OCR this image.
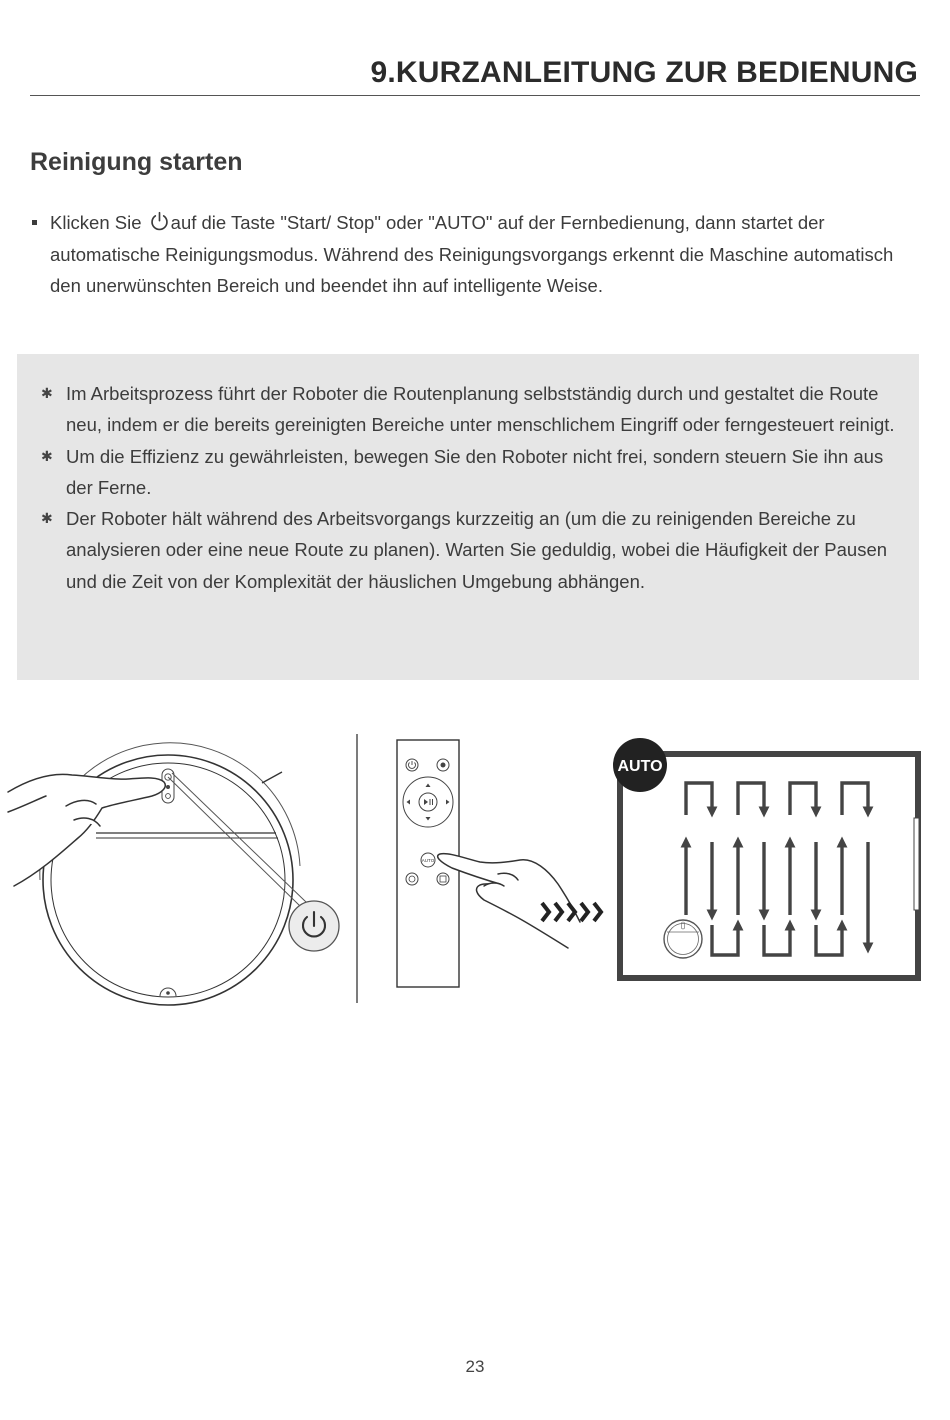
9.KURZANLEITUNG ZUR BEDIENUNG
Reinigung starten
Klicken Sie auf die Taste "Start/ Stop" oder "AUTO" auf der Fernbedienung, dann startet der automatische Reinigungsmodus. Während des Reinigungsvorgangs erkennt die Maschine automatisch den unerwünschten Bereich und beendet ihn auf intelligente Weise.
✱ Im Arbeitsprozess führt der Roboter die Routenplanung selbstständig durch und gestaltet die Route neu, indem er die bereits gereinigten Bereiche unter menschlichem Eingriff oder ferngesteuert reinigt.
✱ Um die Effizienz zu gewährleisten, bewegen Sie den Roboter nicht frei, sondern steuern Sie ihn aus der Ferne.
✱ Der Roboter hält während des Arbeitsvorgangs kurzzeitig an (um die zu reinigenden Bereiche zu analysieren oder eine neue Route zu planen). Warten Sie geduldig, wobei die Häufigkeit der Pausen und die Zeit von der Komplexität der häuslichen Umgebung abhängen.
AUTO
AUTO
23
